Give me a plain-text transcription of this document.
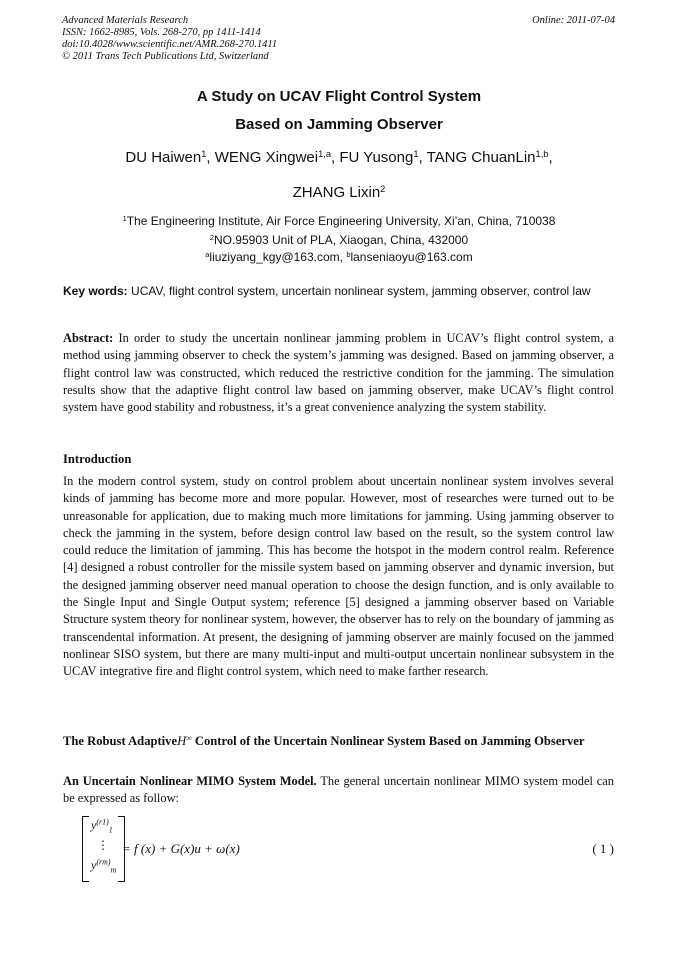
Advanced Materials Research
ISSN: 1662-8985, Vols. 268-270, pp 1411-1414
doi:10.4028/www.scientific.net/AMR.268-270.1411
© 2011 Trans Tech Publications Ltd, Switzerland
Online: 2011-07-04
A Study on UCAV Flight Control System
Based on Jamming Observer
DU Haiwen$^1$, WENG Xingwei$^{1,a}$, FU Yusong$^1$, TANG ChuanLin$^{1,b}$,
ZHANG Lixin$^2$
$^1$The Engineering Institute, Air Force Engineering University, Xi’an, China, 710038
$^2$NO.95903 Unit of PLA, Xiaogan, China, 432000
$^a$liuziyang_kgy@163.com, $^b$lanseniaoyu@163.com
Key words: UCAV, flight control system, uncertain nonlinear system, jamming observer, control law
Abstract: In order to study the uncertain nonlinear jamming problem in UCAV’s flight control system, a method using jamming observer to check the system’s jamming was designed. Based on jamming observer, a flight control law was constructed, which reduced the restrictive condition for the jamming. The simulation results show that the adaptive flight control law based on jamming observer, make UCAV’s flight control system have good stability and robustness, it’s a great convenience analyzing the system stability.
Introduction
In the modern control system, study on control problem about uncertain nonlinear system involves several kinds of jamming has become more and more popular. However, most of researches were turned out to be unreasonable for application, due to making much more limitations for jamming. Using jamming observer to check the jamming in the system, before design control law based on the result, so the system control law could reduce the limitation of jamming. This has become the hotspot in the modern control realm. Reference [4] designed a robust controller for the missile system based on jamming observer and dynamic inversion, but the designed jamming observer need manual operation to choose the design function, and is only available to the Single Input and Single Output system; reference [5] designed a jamming observer based on Variable Structure system theory for nonlinear system, however, the observer has to rely on the boundary of jamming as transcendental information. At present, the designing of jamming observer are mainly focused on the jammed nonlinear SISO system, but there are many multi-input and multi-output uncertain nonlinear subsystem in the UCAV integrative fire and flight control system, which need to make farther research.
The Robust AdaptiveH∞ Control of the Uncertain Nonlinear System Based on Jamming Observer
An Uncertain Nonlinear MIMO System Model. The general uncertain nonlinear MIMO system model can be expressed as follow:
$y^{(r1)}_1$
⋮
$y^{(rm)}_m$
= f (x) + G(x)u + ω(x)	( 1 )
